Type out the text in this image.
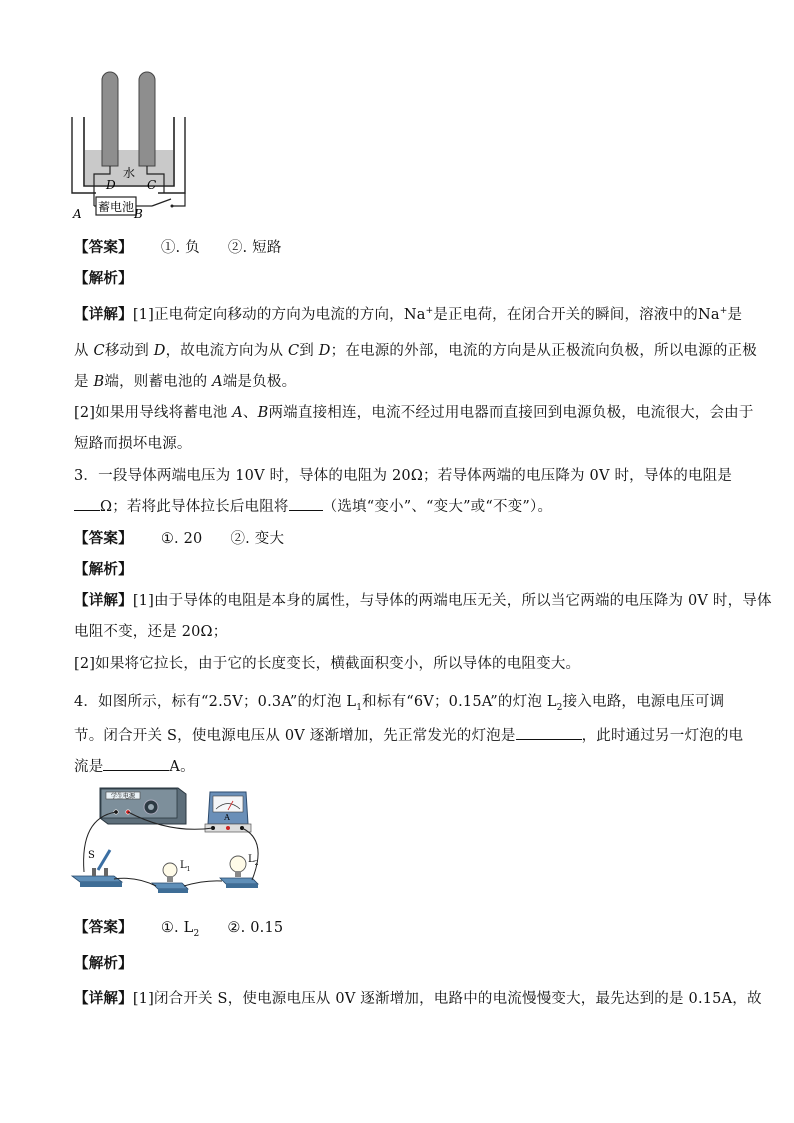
水
D	C
A	B
蓄电池
【答案】 ①. 负 ②. 短路
【解析】
【详解】[1]正电荷定向移动的方向为电流的方向，Na+是正电荷，在闭合开关的瞬间，溶液中的Na+是
从 C移动到 D，故电流方向为从 C到 D；在电源的外部，电流的方向是从正极流向负极，所以电源的正极
是 B端，则蓄电池的 A端是负极。
[2]如果用导线将蓄电池 A、B两端直接相连，电流不经过用电器而直接回到电源负极，电流很大，会由于
短路而损坏电源。
3．一段导体两端电压为 10V 时，导体的电阻为 20Ω；若导体两端的电压降为 0V 时，导体的电阻是
Ω；若将此导体拉长后电阻将 （选填“变小”、“变大”或“不变”）。
【答案】 ①. 20 ②. 变大
【解析】
【详解】[1]由于导体的电阻是本身的属性，与导体的两端电压无关，所以当它两端的电压降为 0V 时，导体
电阻不变，还是 20Ω；
[2]如果将它拉长，由于它的长度变长，横截面积变小，所以导体的电阻变大。
4．如图所示，标有“2.5V；0.3A”的灯泡 $L_1$和标有“6V；0.15A”的灯泡 $L_2$接入电路，电源电压可调
节。闭合开关 S，使电源电压从 0V 逐渐增加，先正常发光的灯泡是	，此时通过另一灯泡的电
流是	A。
学生电源
A
S
$L_1$
$L_2$
【答案】 ①. $L_2$ ②. 0.15
【解析】
【详解】[1]闭合开关 S，使电源电压从 0V 逐渐增加，电路中的电流慢慢变大，最先达到的是 0.15A，故
